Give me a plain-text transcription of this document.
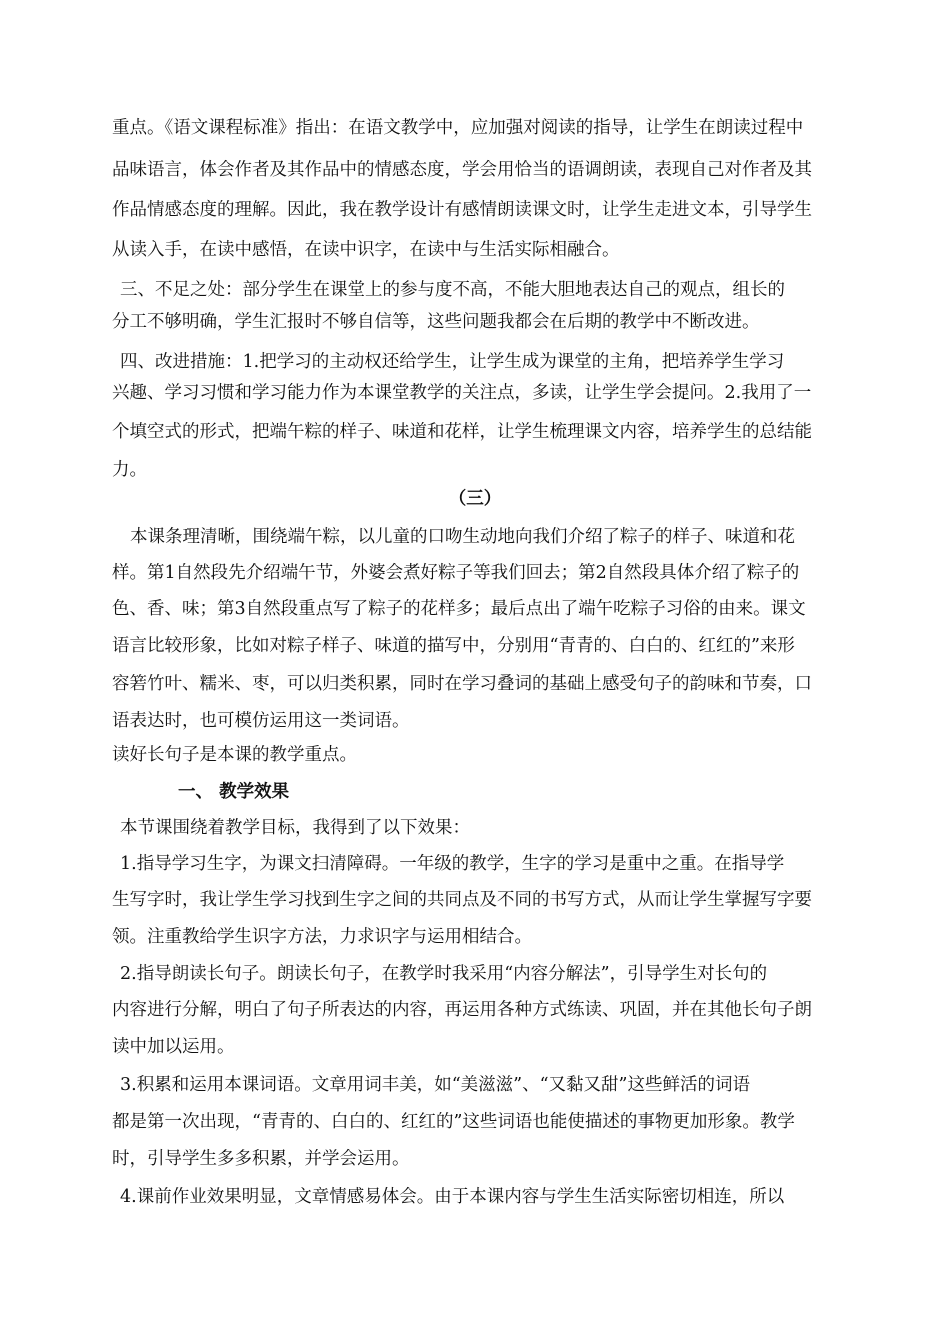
重点。《语文课程标准》指出：在语文教学中，应加强对阅读的指导，让学生在朗读过程中
品味语言，体会作者及其作品中的情感态度，学会用恰当的语调朗读，表现自己对作者及其
作品情感态度的理解。因此，我在教学设计有感情朗读课文时，让学生走进文本，引导学生
从读入手，在读中感悟，在读中识字，在读中与生活实际相融合。
三、不足之处：部分学生在课堂上的参与度不高，不能大胆地表达自己的观点，组长的
分工不够明确，学生汇报时不够自信等，这些问题我都会在后期的教学中不断改进。
四、改进措施：1.把学习的主动权还给学生，让学生成为课堂的主角，把培养学生学习
兴趣、学习习惯和学习能力作为本课堂教学的关注点，多读，让学生学会提问。2.我用了一
个填空式的形式，把端午粽的样子、味道和花样，让学生梳理课文内容，培养学生的总结能
力。
（三）
本课条理清晰，围绕端午粽，以儿童的口吻生动地向我们介绍了粽子的样子、味道和花
样。第1自然段先介绍端午节，外婆会煮好粽子等我们回去；第2自然段具体介绍了粽子的
色、香、味；第3自然段重点写了粽子的花样多；最后点出了端午吃粽子习俗的由来。课文
语言比较形象，比如对粽子样子、味道的描写中，分别用“青青的、白白的、红红的”来形
容箬竹叶、糯米、枣，可以归类积累，同时在学习叠词的基础上感受句子的韵味和节奏，口
语表达时，也可模仿运用这一类词语。
读好长句子是本课的教学重点。
一、 教学效果
本节课围绕着教学目标，我得到了以下效果：
1.指导学习生字，为课文扫清障碍。一年级的教学，生字的学习是重中之重。在指导学
生写字时，我让学生学习找到生字之间的共同点及不同的书写方式，从而让学生掌握写字要
领。注重教给学生识字方法，力求识字与运用相结合。
2.指导朗读长句子。朗读长句子，在教学时我采用“内容分解法”，引导学生对长句的
内容进行分解，明白了句子所表达的内容，再运用各种方式练读、巩固，并在其他长句子朗
读中加以运用。
3.积累和运用本课词语。文章用词丰美，如“美滋滋”、“又黏又甜”这些鲜活的词语
都是第一次出现，“青青的、白白的、红红的”这些词语也能使描述的事物更加形象。教学
时，引导学生多多积累，并学会运用。
4.课前作业效果明显，文章情感易体会。由于本课内容与学生生活实际密切相连，所以
